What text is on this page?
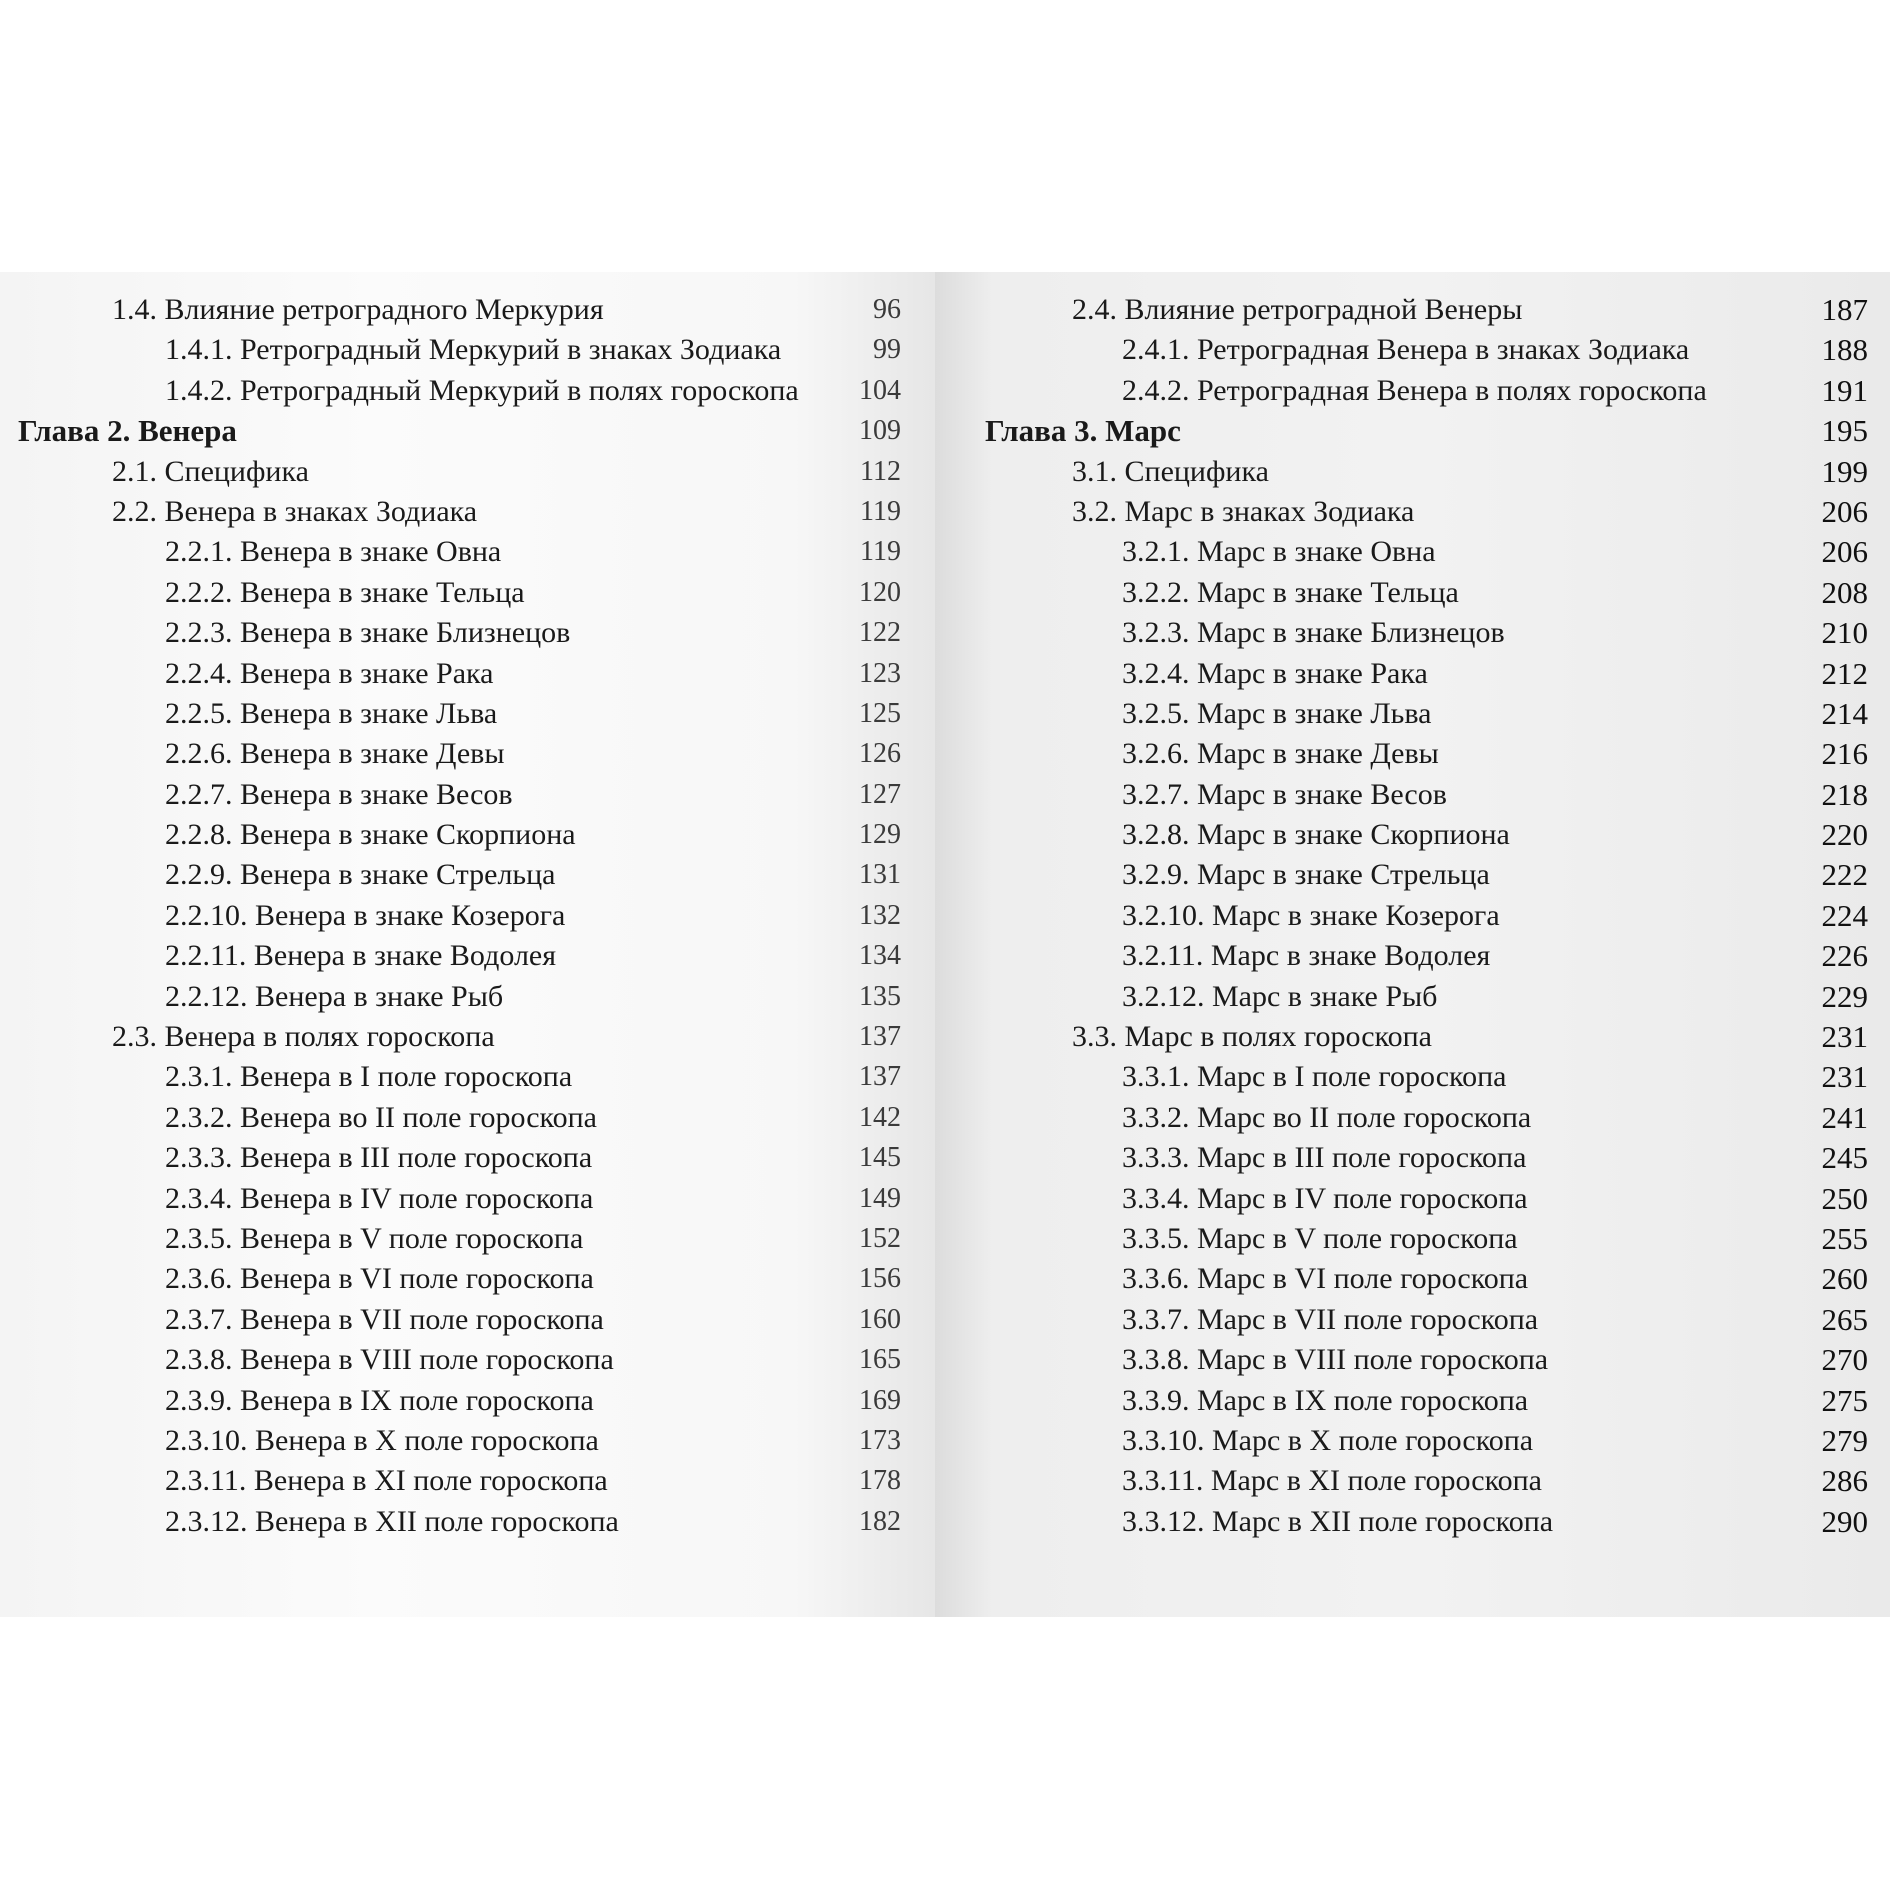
1.4. Влияние ретроградного Меркурия	96
1.4.1. Ретроградный Меркурий в знаках Зодиака	99
1.4.2. Ретроградный Меркурий в полях гороскопа 104
Глава 2. Венера	109
2.1. Специфика	112
2.2. Венера в знаках Зодиака	119
2.2.1. Венера в знаке Овна	119
2.2.2. Венера в знаке Тельца	120
2.2.3. Венера в знаке Близнецов	122
2.2.4. Венера в знаке Рака	123
2.2.5. Венера в знаке Льва	125
2.2.6. Венера в знаке Девы	126
2.2.7. Венера в знаке Весов	127
2.2.8. Венера в знаке Скорпиона	129
2.2.9. Венера в знаке Стрельца	131
2.2.10. Венера в знаке Козерога	132
2.2.11. Венера в знаке Водолея	134
2.2.12. Венера в знаке Рыб	135
2.3. Венера в полях гороскопа	137
2.3.1. Венера в I поле гороскопа	137
2.3.2. Венера во II поле гороскопа	142
2.3.3. Венера в III поле гороскопа	145
2.3.4. Венера в IV поле гороскопа	149
2.3.5. Венера в V поле гороскопа	152
2.3.6. Венера в VI поле гороскопа	156
2.3.7. Венера в VII поле гороскопа	160
2.3.8. Венера в VIII поле гороскопа	165
2.3.9. Венера в IX поле гороскопа	169
2.3.10. Венера в X поле гороскопа	173
2.3.11. Венера в XI поле гороскопа	178
2.3.12. Венера в XII поле гороскопа	182
2.4. Влияние ретроградной Венеры	187
2.4.1. Ретроградная Венера в знаках Зодиака	188
2.4.2. Ретроградная Венера в полях гороскопа	191
Глава 3. Марс	195
3.1. Специфика	199
3.2. Марс в знаках Зодиака	206
3.2.1. Марс в знаке Овна	206
3.2.2. Марс в знаке Тельца	208
3.2.3. Марс в знаке Близнецов	210
3.2.4. Марс в знаке Рака	212
3.2.5. Марс в знаке Льва	214
3.2.6. Марс в знаке Девы	216
3.2.7. Марс в знаке Весов	218
3.2.8. Марс в знаке Скорпиона	220
3.2.9. Марс в знаке Стрельца	222
3.2.10. Марс в знаке Козерога	224
3.2.11. Марс в знаке Водолея	226
3.2.12. Марс в знаке Рыб	229
3.3. Марс в полях гороскопа	231
3.3.1. Марс в I поле гороскопа	231
3.3.2. Марс во II поле гороскопа	241
3.3.3. Марс в III поле гороскопа	245
3.3.4. Марс в IV поле гороскопа	250
3.3.5. Марс в V поле гороскопа	255
3.3.6. Марс в VI поле гороскопа	260
3.3.7. Марс в VII поле гороскопа	265
3.3.8. Марс в VIII поле гороскопа	270
3.3.9. Марс в IX поле гороскопа	275
3.3.10. Марс в X поле гороскопа	279
3.3.11. Марс в XI поле гороскопа	286
3.3.12. Марс в XII поле гороскопа	290
